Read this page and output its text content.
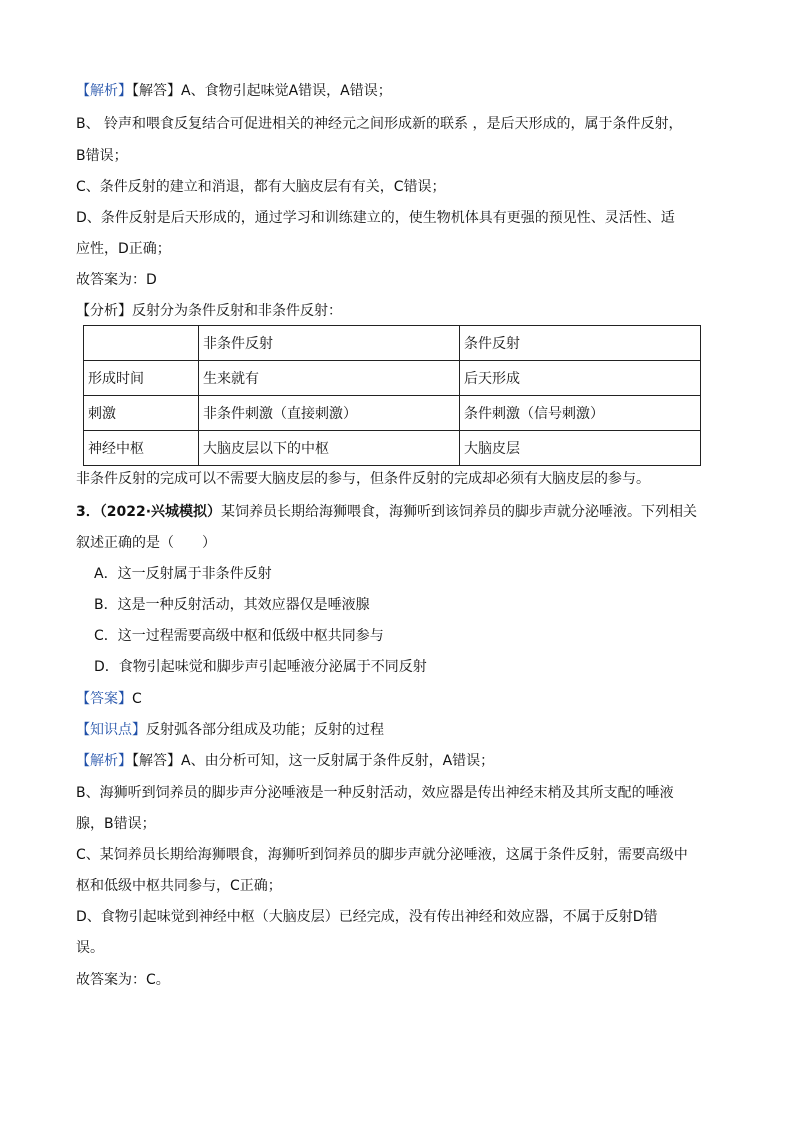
【解析】【解答】A、食物引起味觉A错误，A错误；
B、 铃声和喂食反复结合可促进相关的神经元之间形成新的联系 ，是后天形成的，属于条件反射，
B错误；
C、条件反射的建立和消退，都有大脑皮层有有关，C错误；
D、条件反射是后天形成的，通过学习和训练建立的，使生物机体具有更强的预见性、灵活性、适
应性，D正确；
故答案为：D
【分析】反射分为条件反射和非条件反射：
	非条件反射	条件反射
形成时间	生来就有	后天形成
刺激	非条件刺激（直接刺激）	条件刺激（信号刺激）
神经中枢	大脑皮层以下的中枢	大脑皮层
非条件反射的完成可以不需要大脑皮层的参与，但条件反射的完成却必须有大脑皮层的参与。
3．（2022·兴城模拟）某饲养员长期给海狮喂食，海狮听到该饲养员的脚步声就分泌唾液。下列相关
叙述正确的是（　　）
A．这一反射属于非条件反射
B．这是一种反射活动，其效应器仅是唾液腺
C．这一过程需要高级中枢和低级中枢共同参与
D．食物引起味觉和脚步声引起唾液分泌属于不同反射
【答案】C
【知识点】反射弧各部分组成及功能；反射的过程
【解析】【解答】A、由分析可知，这一反射属于条件反射，A错误；
B、海狮听到饲养员的脚步声分泌唾液是一种反射活动，效应器是传出神经末梢及其所支配的唾液
腺，B错误；
C、某饲养员长期给海狮喂食，海狮听到饲养员的脚步声就分泌唾液，这属于条件反射，需要高级中
枢和低级中枢共同参与，C正确；
D、食物引起味觉到神经中枢（大脑皮层）已经完成，没有传出神经和效应器，不属于反射D错
误。
故答案为：C。
